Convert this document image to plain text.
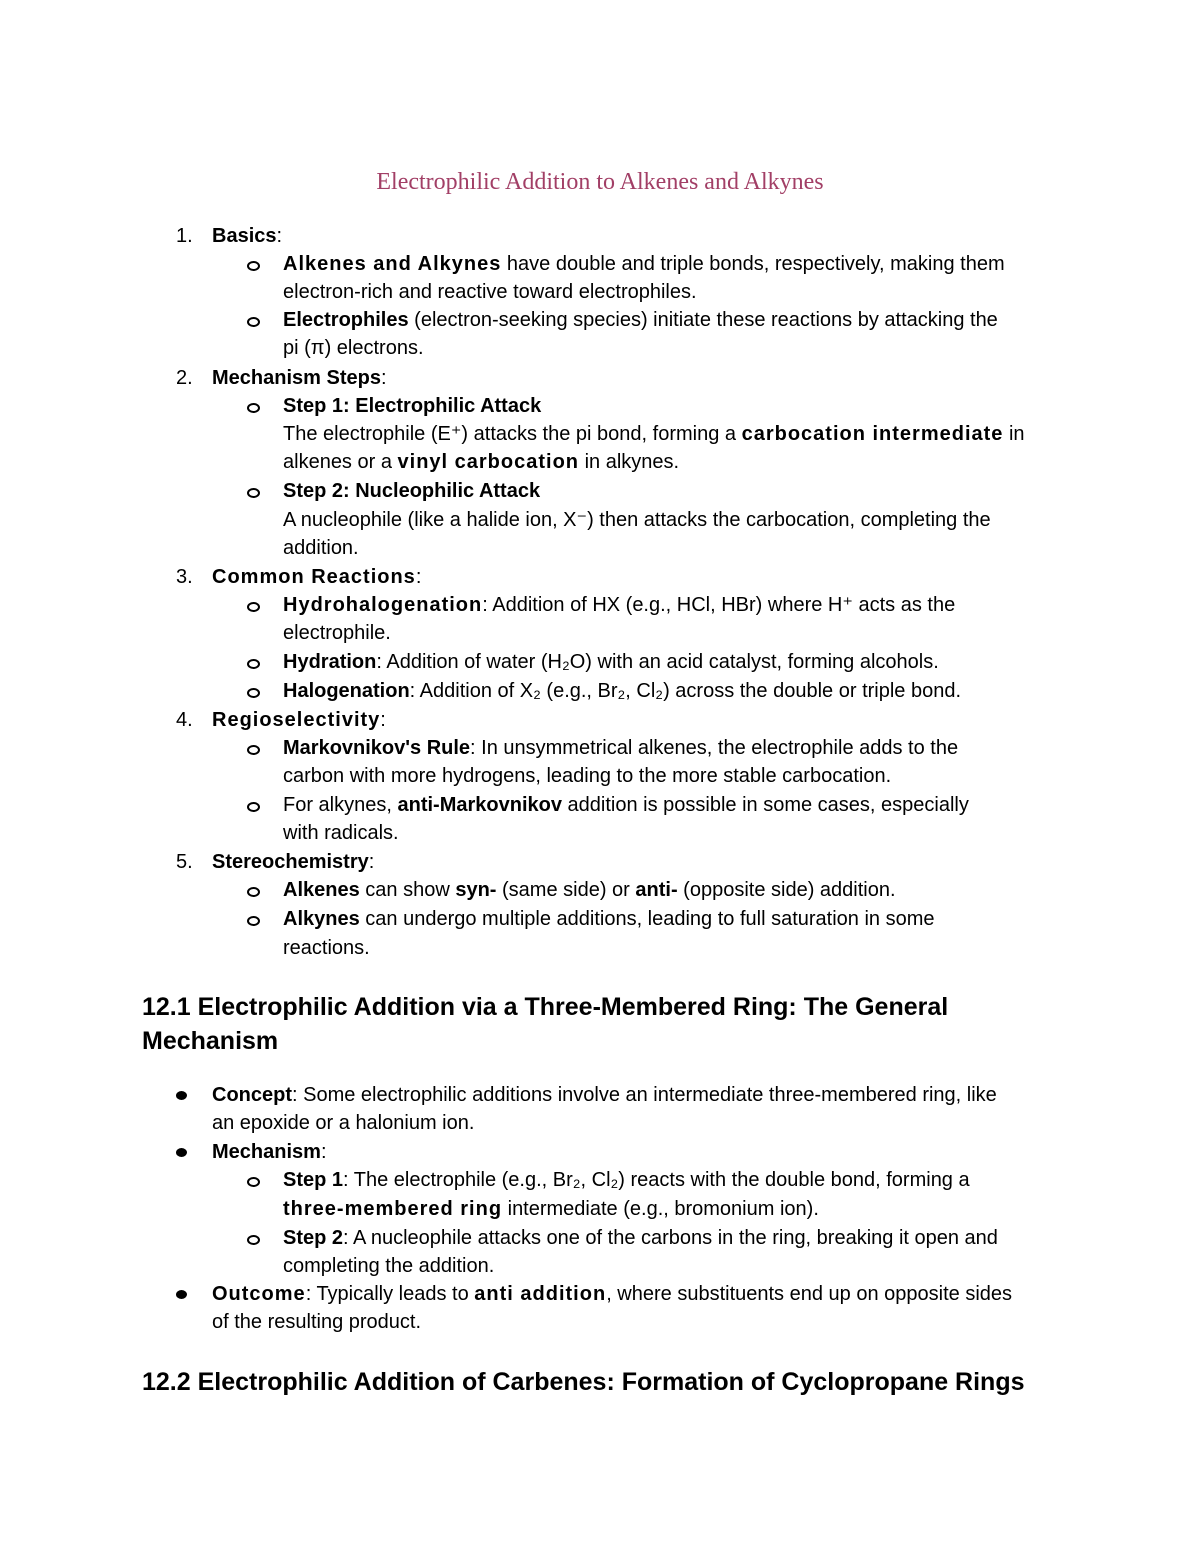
Electrophilic Addition to Alkenes and Alkynes
1. Basics:
Alkenes and Alkynes have double and triple bonds, respectively, making them
electron-rich and reactive toward electrophiles.
Electrophiles (electron-seeking species) initiate these reactions by attacking the
pi (π) electrons.
2. Mechanism Steps:
Step 1: Electrophilic Attack
The electrophile (E⁺) attacks the pi bond, forming a carbocation intermediate in
alkenes or a vinyl carbocation in alkynes.
Step 2: Nucleophilic Attack
A nucleophile (like a halide ion, X⁻) then attacks the carbocation, completing the
addition.
3. Common Reactions:
Hydrohalogenation: Addition of HX (e.g., HCl, HBr) where H⁺ acts as the
electrophile.
Hydration: Addition of water (H₂O) with an acid catalyst, forming alcohols.
Halogenation: Addition of X₂ (e.g., Br₂, Cl₂) across the double or triple bond.
4. Regioselectivity:
Markovnikov's Rule: In unsymmetrical alkenes, the electrophile adds to the
carbon with more hydrogens, leading to the more stable carbocation.
For alkynes, anti-Markovnikov addition is possible in some cases, especially
with radicals.
5. Stereochemistry:
Alkenes can show syn- (same side) or anti- (opposite side) addition.
Alkynes can undergo multiple additions, leading to full saturation in some
reactions.
12.1 Electrophilic Addition via a Three-Membered Ring: The General
Mechanism
Concept: Some electrophilic additions involve an intermediate three-membered ring, like
an epoxide or a halonium ion.
Mechanism:
Step 1: The electrophile (e.g., Br₂, Cl₂) reacts with the double bond, forming a
three-membered ring intermediate (e.g., bromonium ion).
Step 2: A nucleophile attacks one of the carbons in the ring, breaking it open and
completing the addition.
Outcome: Typically leads to anti addition, where substituents end up on opposite sides
of the resulting product.
12.2 Electrophilic Addition of Carbenes: Formation of Cyclopropane Rings
